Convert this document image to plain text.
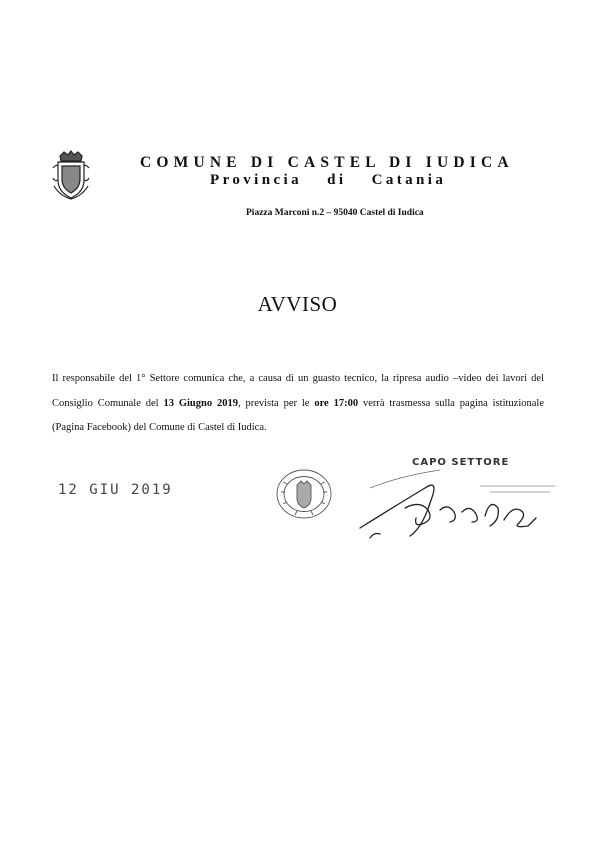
COMUNE DI CASTEL DI IUDICA
Provincia di Catania
Piazza Marconi n.2 – 95040 Castel di Iudica
AVVISO
Il responsabile del 1° Settore comunica che, a causa di un guasto tecnico, la ripresa audio –video dei lavori del Consiglio Comunale del 13 Giugno 2019, prevista per le ore 17:00 verrà trasmessa sulla pagina istituzionale (Pagina Facebook) del Comune di Castel di Iudica.
12 GIU 2019
CAPO SETTORE
